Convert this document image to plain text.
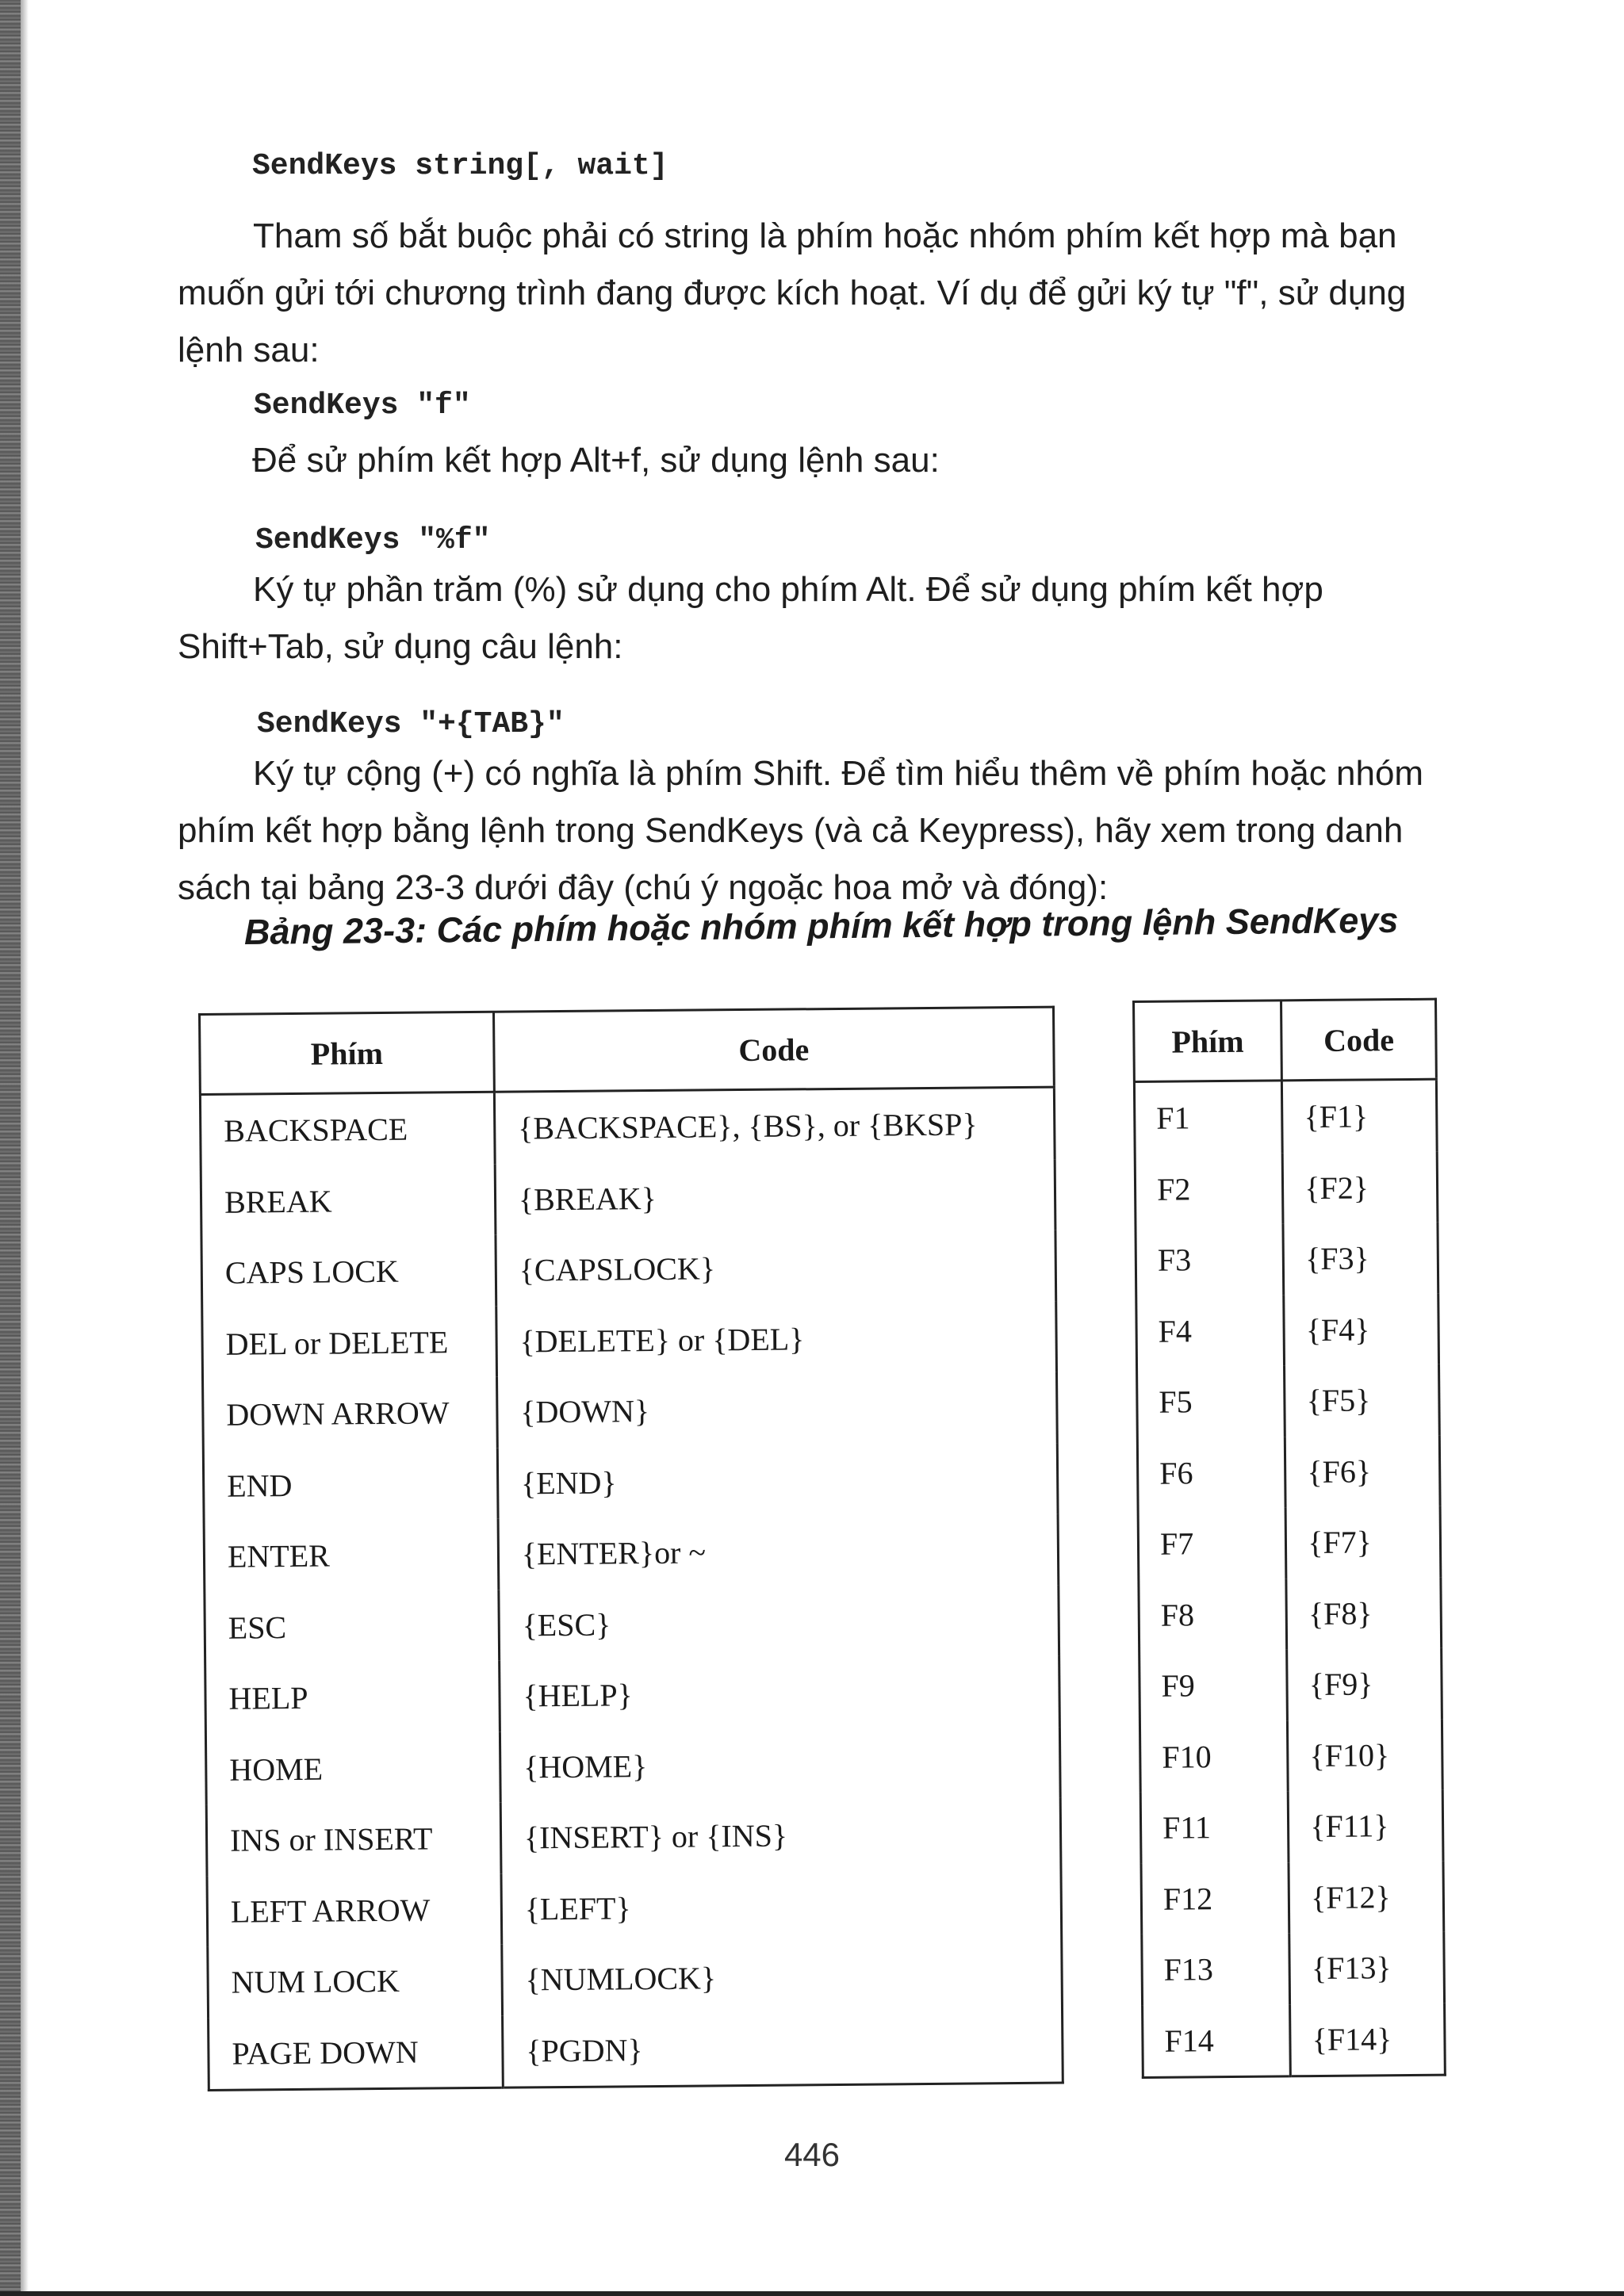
SendKeys string[, wait]

Tham số bắt buộc phải có string là phím hoặc nhóm phím kết hợp mà bạn muốn gửi tới chương trình đang được kích hoạt. Ví dụ để gửi ký tự "f", sử dụng lệnh sau:

SendKeys "f"
Để sử phím kết hợp Alt+f, sử dụng lệnh sau:
SendKeys "%f"

Ký tự phần trăm (%) sử dụng cho phím Alt. Để sử dụng phím kết hợp Shift+Tab, sử dụng câu lệnh:

SendKeys "+{TAB}"

Ký tự cộng (+) có nghĩa là phím Shift. Để tìm hiểu thêm về phím hoặc nhóm phím kết hợp bằng lệnh trong SendKeys (và cả Keypress), hãy xem trong danh sách tại bảng 23-3 dưới đây (chú ý ngoặc hoa mở và đóng):

Bảng 23-3: Các phím hoặc nhóm phím kết hợp trong lệnh SendKeys
Phím	Code
BACKSPACE	{BACKSPACE}, {BS}, or {BKSP}
BREAK	{BREAK}
CAPS LOCK	{CAPSLOCK}
DEL or DELETE	{DELETE} or {DEL}
DOWN ARROW	{DOWN}
END	{END}
ENTER	{ENTER}or ~
ESC	{ESC}
HELP	{HELP}
HOME	{HOME}
INS or INSERT	{INSERT} or {INS}
LEFT ARROW	{LEFT}
NUM LOCK	{NUMLOCK}
PAGE DOWN	{PGDN}
Phím	Code
F1	{F1}
F2	{F2}
F3	{F3}
F4	{F4}
F5	{F5}
F6	{F6}
F7	{F7}
F8	{F8}
F9	{F9}
F10	{F10}
F11	{F11}
F12	{F12}
F13	{F13}
F14	{F14}
446
